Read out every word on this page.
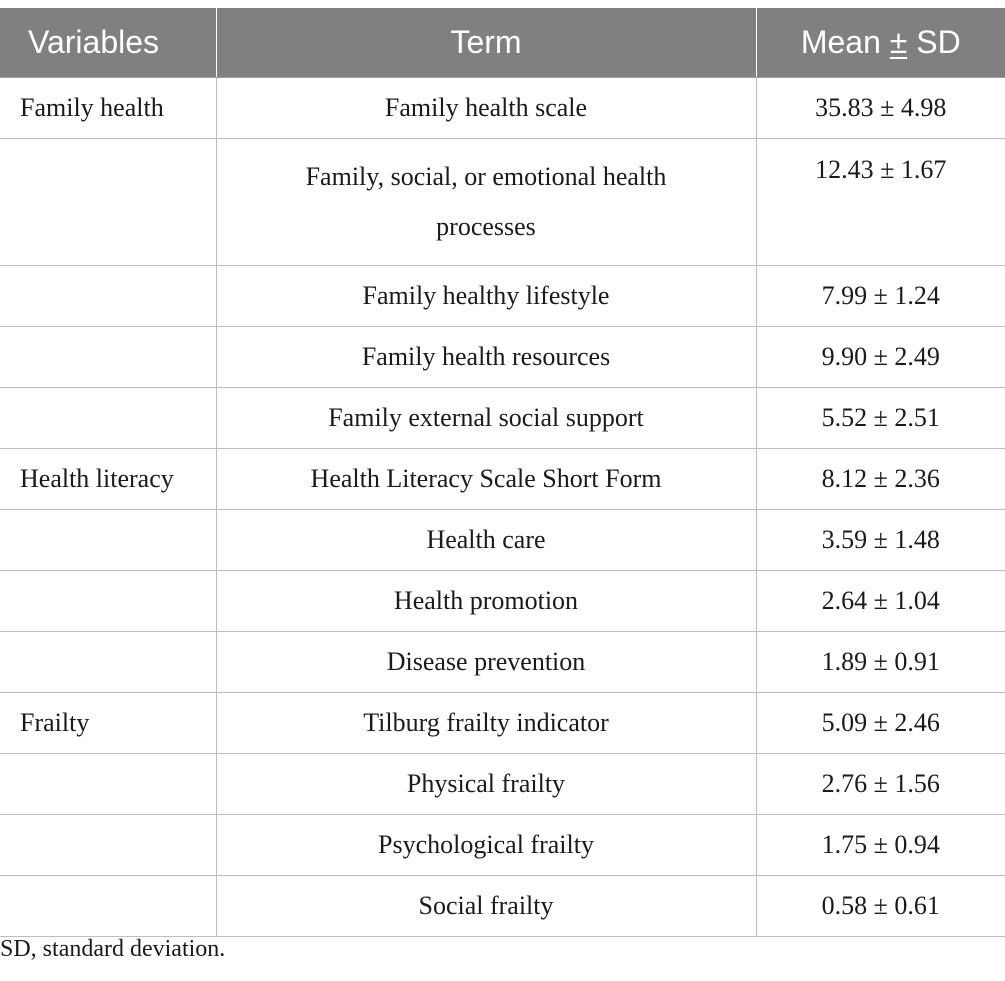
Variables	Term	Mean ± SD
Family health	Family health scale	35.83 ± 4.98

	Family, social, or emotional health processes	12.43 ± 1.67
	Family healthy lifestyle	7.99 ± 1.24
	Family health resources	9.90 ± 2.49
	Family external social support	5.52 ± 2.51
Health literacy	Health Literacy Scale Short Form	8.12 ± 2.36
	Health care	3.59 ± 1.48
	Health promotion	2.64 ± 1.04
	Disease prevention	1.89 ± 0.91
Frailty	Tilburg frailty indicator	5.09 ± 2.46
	Physical frailty	2.76 ± 1.56
	Psychological frailty	1.75 ± 0.94
	Social frailty	0.58 ± 0.61
SD, standard deviation.
